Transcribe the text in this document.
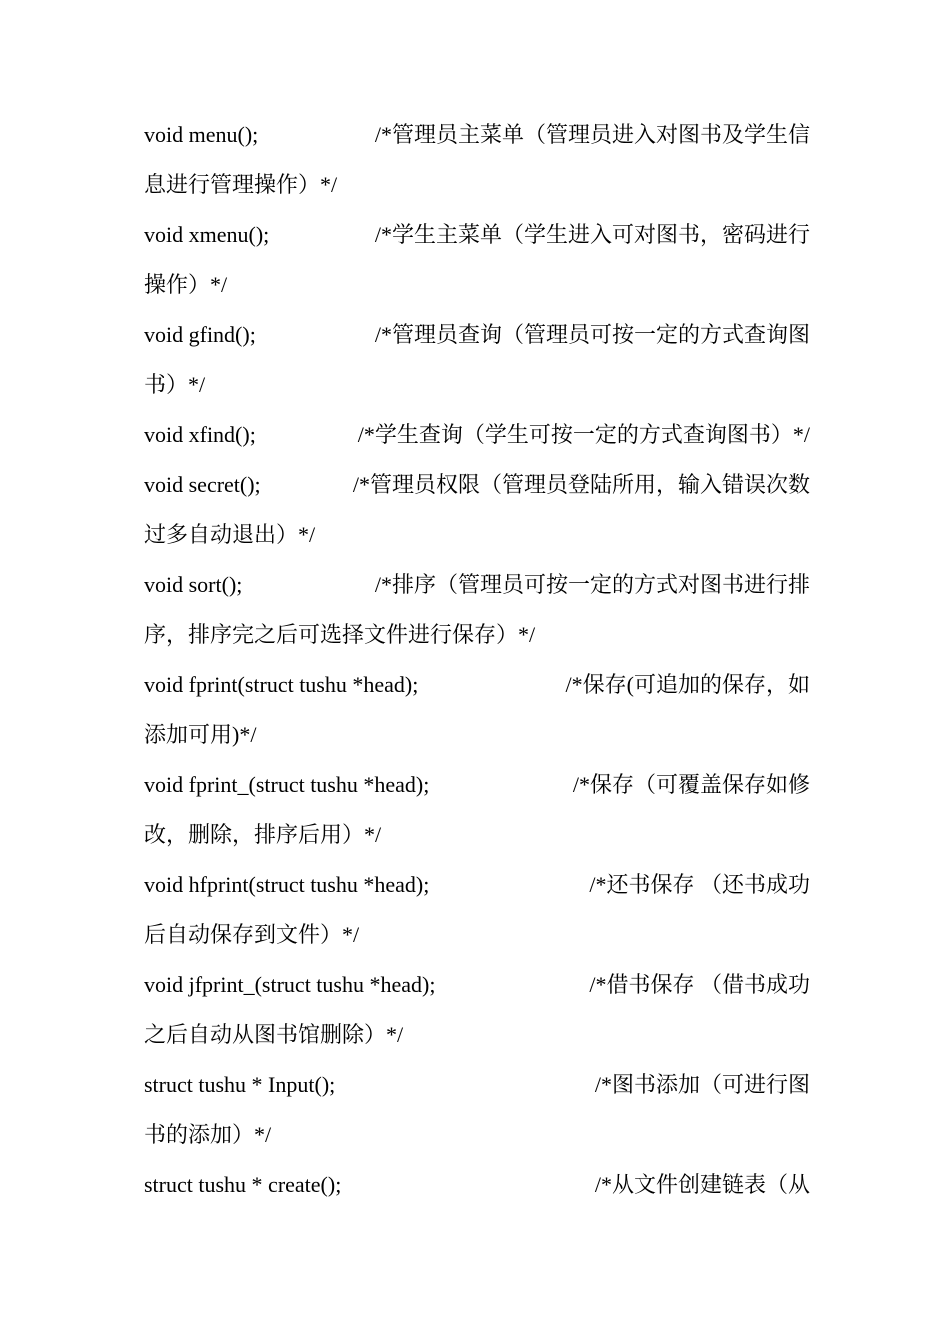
void menu();	/*管理员主菜单（管理员进入对图书及学生信
息进行管理操作）*/
void xmenu();	/*学生主菜单（学生进入可对图书，密码进行
操作）*/
void gfind();	/*管理员查询（管理员可按一定的方式查询图
书）*/
void xfind();	/*学生查询（学生可按一定的方式查询图书）*/
void secret();	/*管理员权限（管理员登陆所用，输入错误次数
过多自动退出）*/
void sort();	/*排序（管理员可按一定的方式对图书进行排
序，排序完之后可选择文件进行保存）*/
void fprint(struct tushu *head);	/*保存(可追加的保存，如
添加可用)*/
void fprint_(struct tushu *head);	/*保存（可覆盖保存如修
改，删除，排序后用）*/
void hfprint(struct tushu *head);	/*还书保存 （还书成功
后自动保存到文件）*/
void jfprint_(struct tushu *head);	/*借书保存 （借书成功
之后自动从图书馆删除）*/
struct tushu * Input();	/*图书添加（可进行图
书的添加）*/
struct tushu * create();	/*从文件创建链表（从
